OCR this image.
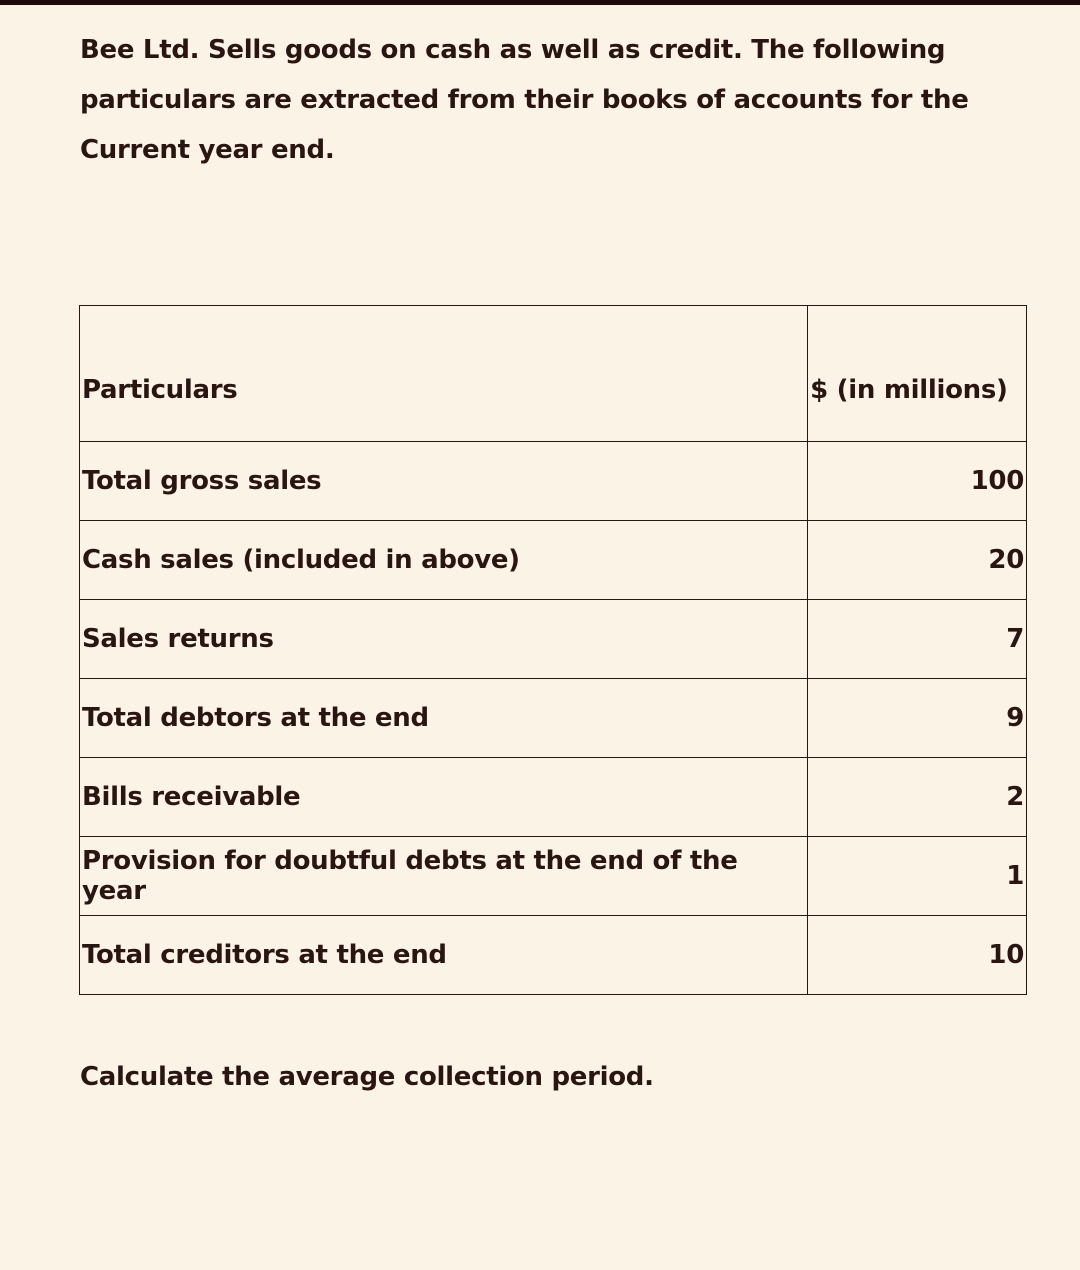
Bee Ltd. Sells goods on cash as well as credit. The following

particulars are extracted from their books of accounts for the

Current year end.

Particulars	$ (in millions)
Total gross sales	100
Cash sales (included in above)	20
Sales returns	7
Total debtors at the end	9
Bills receivable	2
Provision for doubtful debts at the end of the year	1
Total creditors at the end	10
Calculate the average collection period.
